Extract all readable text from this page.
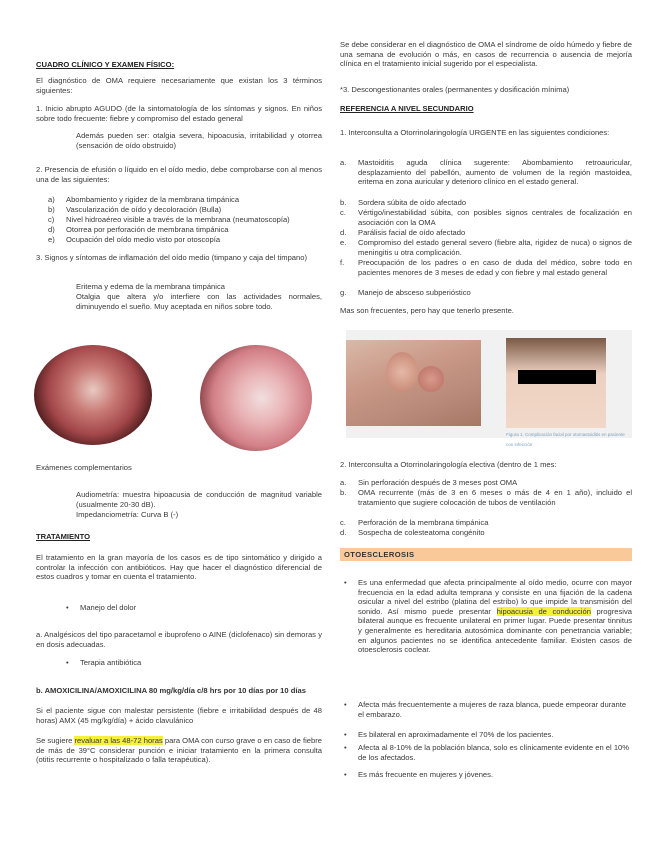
CUADRO CLÍNICO Y EXAMEN FÍSICO:

El diagnóstico de OMA requiere necesariamente que existan los 3 términos siguientes:

1. Inicio abrupto AGUDO (de la sintomatología de los síntomas y signos. En niños sobre todo frecuente: fiebre y compromiso del estado general

Además pueden ser: otalgia severa, hipoacusia, irritabilidad y otorrea (sensación de oído obstruido)

2. Presencia de efusión o líquido en el oído medio, debe comprobarse con al menos una de las siguientes:

a)	Abombamiento y rigidez de la membrana timpánica
b)	Vascularización de oído y decoloración (Bulla)
c)	Nivel hidroaéreo visible a través de la membrana (neumatoscopía)
d)	Otorrea por perforación de membrana timpánica
e)	Ocupación del oído medio visto por otoscopía

3. Signos y síntomas de inflamación del oído medio (timpano y caja del timpano)

Eritema y edema de la membrana timpánica

Otalgia que altera y/o interfiere con las actividades normales, diminuyendo el sueño. Muy aceptada en niños sobre todo.

Exámenes complementarios

Audiometría: muestra hipoacusia de conducción de magnitud variable (usualmente 20-30 dB).

Impedanciometría: Curva B (-)

TRATAMIENTO

El tratamiento en la gran mayoría de los casos es de tipo sintomático y dirigido a controlar la infección con antibióticos. Hay que hacer el diagnóstico diferencial de estos cuadros y tomar en cuenta el tratamiento.

•	Manejo del dolor

a. Analgésicos del tipo paracetamol e ibuprofeno o AINE (diclofenaco) sin demoras y en dosis adecuadas.

•	Terapia antibiótica

b. AMOXICILINA/AMOXICILINA 80 mg/kg/día c/8 hrs por 10 días por 10 días

Si el paciente sigue con malestar persistente (fiebre e irritabilidad después de 48 horas) AMX (45 mg/kg/día) + ácido clavulánico

Se sugiere revaluar a las 48-72 horas para OMA con curso grave o en caso de fiebre de más de 39°C considerar punción e iniciar tratamiento en la primera consulta (otitis recurrente o hospitalizado o falla terapéutica).

Se debe considerar en el diagnóstico de OMA el síndrome de oído húmedo y fiebre de una semana de evolución o más, en casos de recurrencia o ausencia de mejoría clínica en el tratamiento inicial sugerido por el especialista.

*3. Descongestionantes orales (permanentes y dosificación mínima)

REFERENCIA A NIVEL SECUNDARIO

1. Interconsulta a Otorrinolaringología URGENTE en las siguientes condiciones:

a.	Mastoiditis aguda clínica sugerente: Abombamiento retroauricular, desplazamiento del pabellón, aumento de volumen de la región mastoidea, eritema en zona auricular y deterioro clínico en el estado general.
b.	Sordera súbita de oído afectado
c.	Vértigo/inestabilidad súbita, con posibles signos centrales de focalización en asociación con la OMA
d.	Parálisis facial de oído afectado
e.	Compromiso del estado general severo (fiebre alta, rigidez de nuca) o signos de meningitis u otra complicación.
f.	Preocupación de los padres o en caso de duda del médico, sobre todo en pacientes menores de 3 meses de edad y con fiebre y mal estado general
g.	Manejo de absceso subperióstico

Mas son frecuentes, pero hay que tenerlo presente.

Figura 1. Complicación facial por otomastoiditis en paciente con infección

2. Interconsulta a Otorrinolaringología electiva (dentro de 1 mes:

a.	Sin perforación después de 3 meses post OMA
b.	OMA recurrente (más de 3 en 6 meses o más de 4 en 1 año), incluido el tratamiento que sugiere colocación de tubos de ventilación
c.	Perforación de la membrana timpánica
d.	Sospecha de colesteatoma congénito

OTOESCLEROSIS

•	Es una enfermedad que afecta principalmente al oído medio, ocurre con mayor frecuencia en la edad adulta temprana y consiste en una fijación de la cadena osicular a nivel del estribo (platina del estribo) lo que impide la transmisión del sonido. Así mismo puede presentar hipoacusia de conducción progresiva bilateral aunque es frecuente unilateral en primer lugar. Puede presentar tinnitus y generalmente es hereditaria autosómica dominante con penetrancia variable; en algunos pacientes no se identifica antecedente familiar. Existen casos de otoesclerosis coclear.
•	Afecta más frecuentemente a mujeres de raza blanca, puede empeorar durante el embarazo.
•	Es bilateral en aproximadamente el 70% de los pacientes.
•	Afecta al 8-10% de la población blanca, solo es clínicamente evidente en el 10% de los afectados.
•	Es más frecuente en mujeres y jóvenes.
